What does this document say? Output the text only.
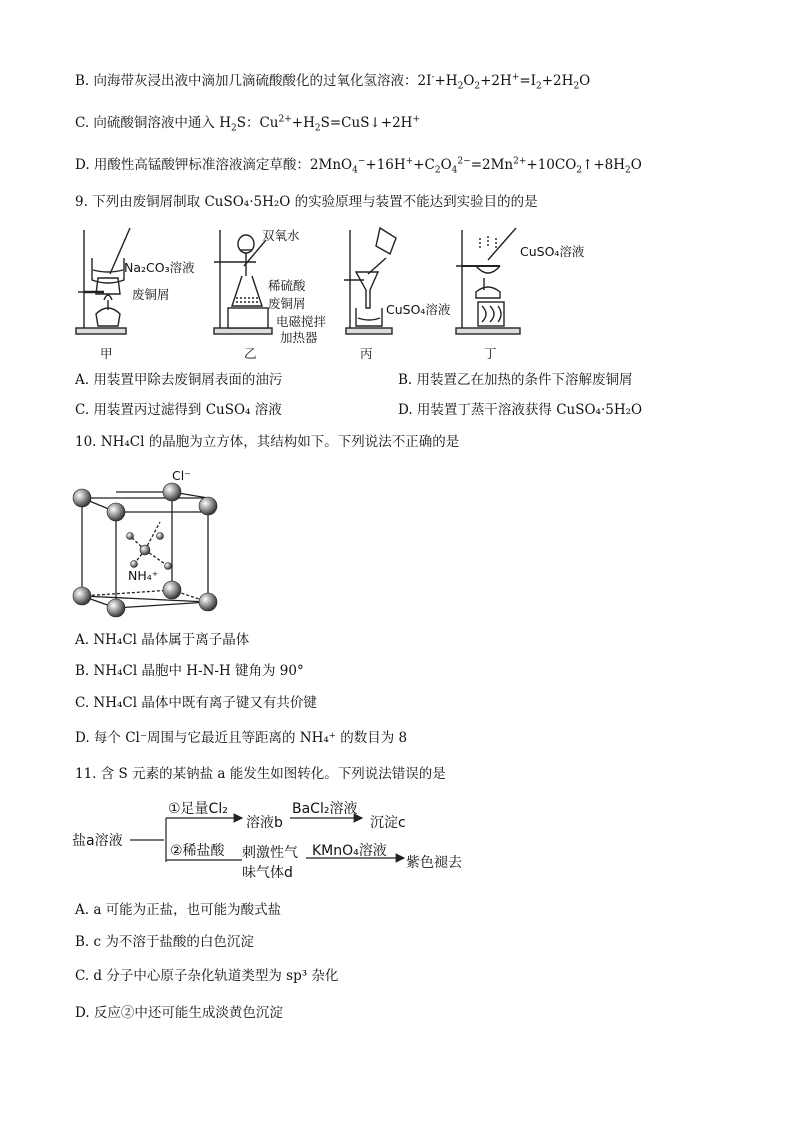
B. 向海带灰浸出液中滴加几滴硫酸酸化的过氧化氢溶液：$2I^-+H_2O_2+2H^+=I_2+2H_2O$
C. 向硫酸铜溶液中通入 $H_2S$：$Cu^{2+}+H_2S=CuS↓+2H^+$
D. 用酸性高锰酸钾标准溶液滴定草酸：$2MnO_4^-+16H^++C_2O_4^{2-}=2Mn^{2+}+10CO_2↑+8H_2O$
9. 下列由废铜屑制取 CuSO₄·5H₂O 的实验原理与装置不能达到实验目的的是
Na₂CO₃溶液
废铜屑
双氧水
稀硫酸
废铜屑
电磁搅拌
加热器
CuSO₄溶液
CuSO₄溶液
甲	乙	丙	丁
A. 用装置甲除去废铜屑表面的油污	B. 用装置乙在加热的条件下溶解废铜屑
C. 用装置丙过滤得到 CuSO₄ 溶液	D. 用装置丁蒸干溶液获得 CuSO₄·5H₂O
10. NH₄Cl 的晶胞为立方体，其结构如下。下列说法不正确的是
Cl⁻
NH₄⁺
A. NH₄Cl 晶体属于离子晶体
B. NH₄Cl 晶胞中 H-N-H 键角为 90°
C. NH₄Cl 晶体中既有离子键又有共价键
D. 每个 Cl⁻周围与它最近且等距离的 NH₄⁺ 的数目为 8
11. 含 S 元素的某钠盐 a 能发生如图转化。下列说法错误的是
盐a溶液
①足量Cl₂
溶液b
BaCl₂溶液
沉淀c
②稀盐酸 刺激性气
味气体d
KMnO₄溶液
紫色褪去
A. a 可能为正盐，也可能为酸式盐
B. c 为不溶于盐酸的白色沉淀
C. d 分子中心原子杂化轨道类型为 sp³ 杂化
D. 反应②中还可能生成淡黄色沉淀
